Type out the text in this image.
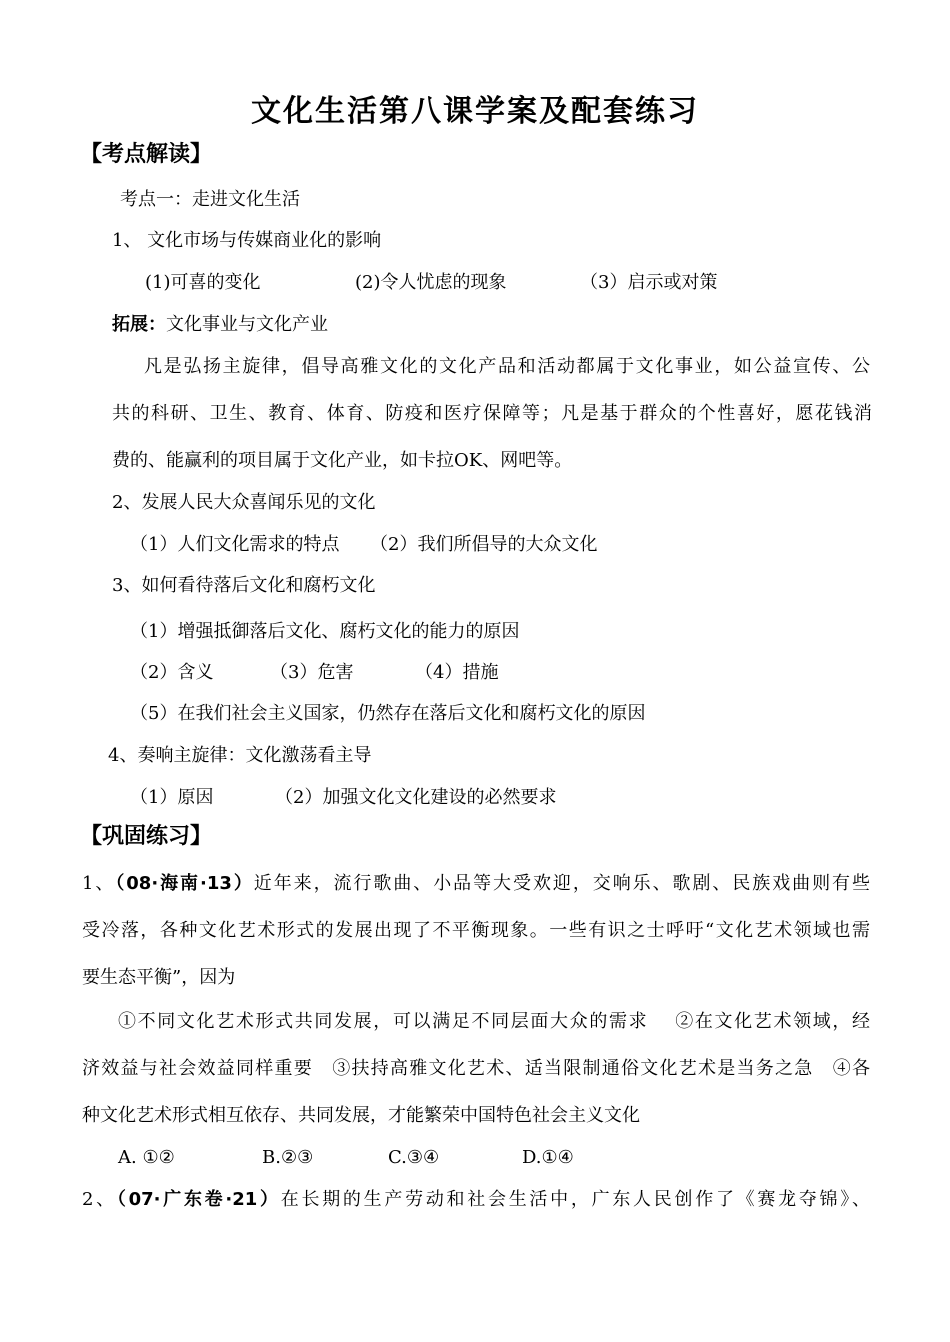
文化生活第八课学案及配套练习
【考点解读】
考点一：走进文化生活
1、 文化市场与传媒商业化的影响
(1)可喜的变化	(2)令人忧虑的现象	（3）启示或对策
拓展：文化事业与文化产业
凡是弘扬主旋律，倡导高雅文化的文化产品和活动都属于文化事业，如公益宣传、公
共的科研、卫生、教育、体育、防疫和医疗保障等；凡是基于群众的个性喜好，愿花钱消
费的、能赢利的项目属于文化产业，如卡拉OK、网吧等。
2、发展人民大众喜闻乐见的文化
（1）人们文化需求的特点 （2）我们所倡导的大众文化
3、如何看待落后文化和腐朽文化
（1）增强抵御落后文化、腐朽文化的能力的原因
（2）含义	（3）危害	（4）措施
（5）在我们社会主义国家，仍然存在落后文化和腐朽文化的原因
4、奏响主旋律：文化激荡看主导
（1）原因	（2）加强文化文化建设的必然要求
【巩固练习】
1、（08·海南·13）近年来，流行歌曲、小品等大受欢迎，交响乐、歌剧、民族戏曲则有些
受冷落，各种文化艺术形式的发展出现了不平衡现象。一些有识之士呼吁“文化艺术领域也需
要生态平衡”，因为
①不同文化艺术形式共同发展，可以满足不同层面大众的需求　 ②在文化艺术领域，经
济效益与社会效益同样重要　③扶持高雅文化艺术、适当限制通俗文化艺术是当务之急　④各
种文化艺术形式相互依存、共同发展，才能繁荣中国特色社会主义文化
A. ①②	B.②③	C.③④	D.①④
2、（07·广东卷·21）在长期的生产劳动和社会生活中，广东人民创作了《赛龙夺锦》、
